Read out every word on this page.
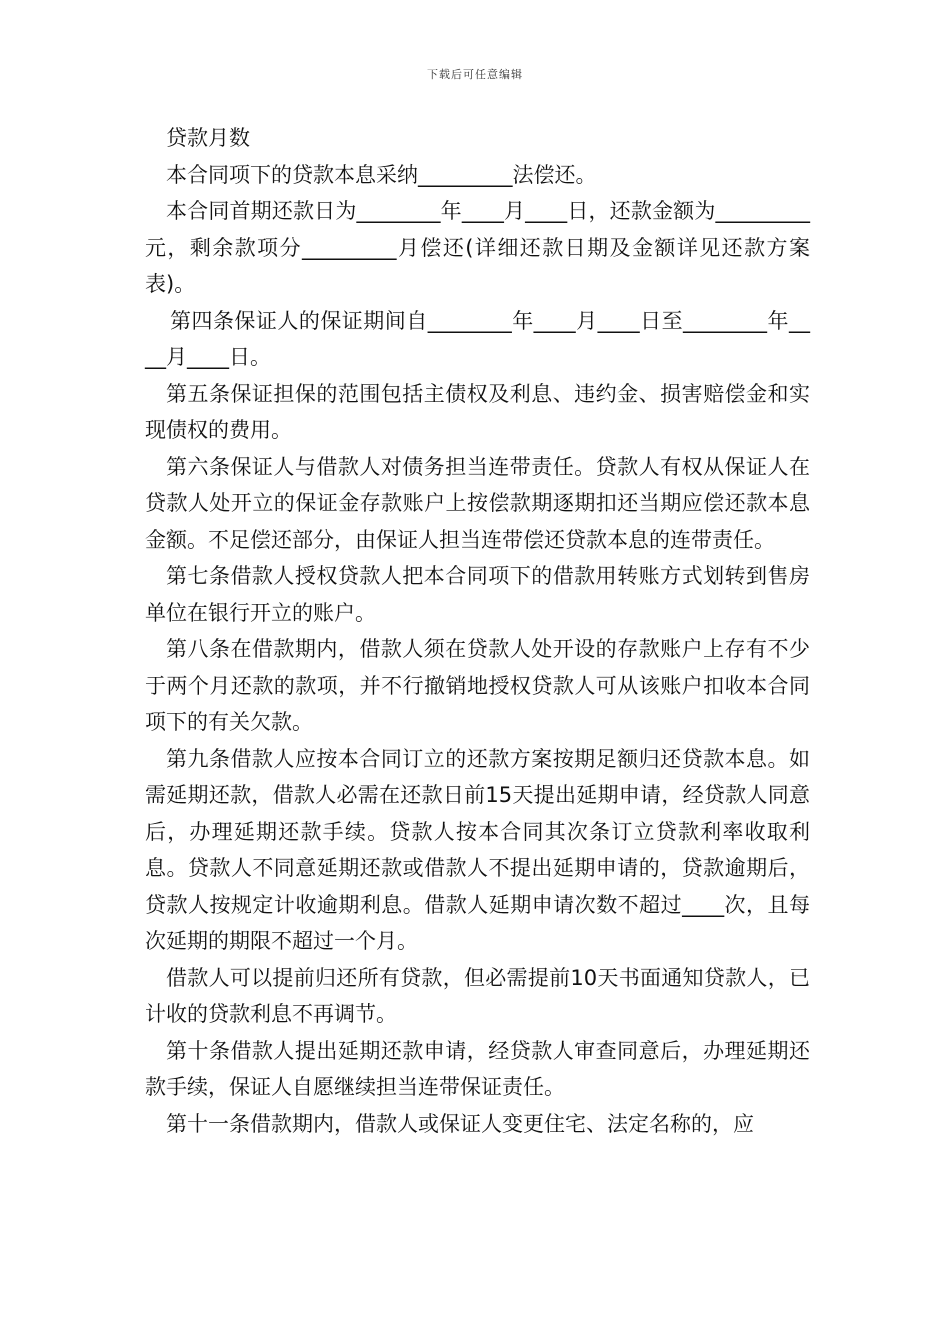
下载后可任意编辑

贷款月数

本合同项下的贷款本息采纳_________法偿还。

本合同首期还款日为________年____月____日，还款金额为_________元，剩余款项分_________月偿还(详细还款日期及金额详见还款方案表)。

第四条保证人的保证期间自________年____月____日至________年____月____日。

第五条保证担保的范围包括主债权及利息、违约金、损害赔偿金和实现债权的费用。

第六条保证人与借款人对债务担当连带责任。贷款人有权从保证人在贷款人处开立的保证金存款账户上按偿款期逐期扣还当期应偿还款本息金额。不足偿还部分，由保证人担当连带偿还贷款本息的连带责任。

第七条借款人授权贷款人把本合同项下的借款用转账方式划转到售房单位在银行开立的账户。

第八条在借款期内，借款人须在贷款人处开设的存款账户上存有不少于两个月还款的款项，并不行撤销地授权贷款人可从该账户扣收本合同项下的有关欠款。

第九条借款人应按本合同订立的还款方案按期足额归还贷款本息。如需延期还款，借款人必需在还款日前15天提出延期申请，经贷款人同意后，办理延期还款手续。贷款人按本合同其次条订立贷款利率收取利息。贷款人不同意延期还款或借款人不提出延期申请的，贷款逾期后，贷款人按规定计收逾期利息。借款人延期申请次数不超过____次，且每次延期的期限不超过一个月。

借款人可以提前归还所有贷款，但必需提前10天书面通知贷款人，已计收的贷款利息不再调节。

第十条借款人提出延期还款申请，经贷款人审查同意后，办理延期还款手续，保证人自愿继续担当连带保证责任。

第十一条借款期内，借款人或保证人变更住宅、法定名称的，应
